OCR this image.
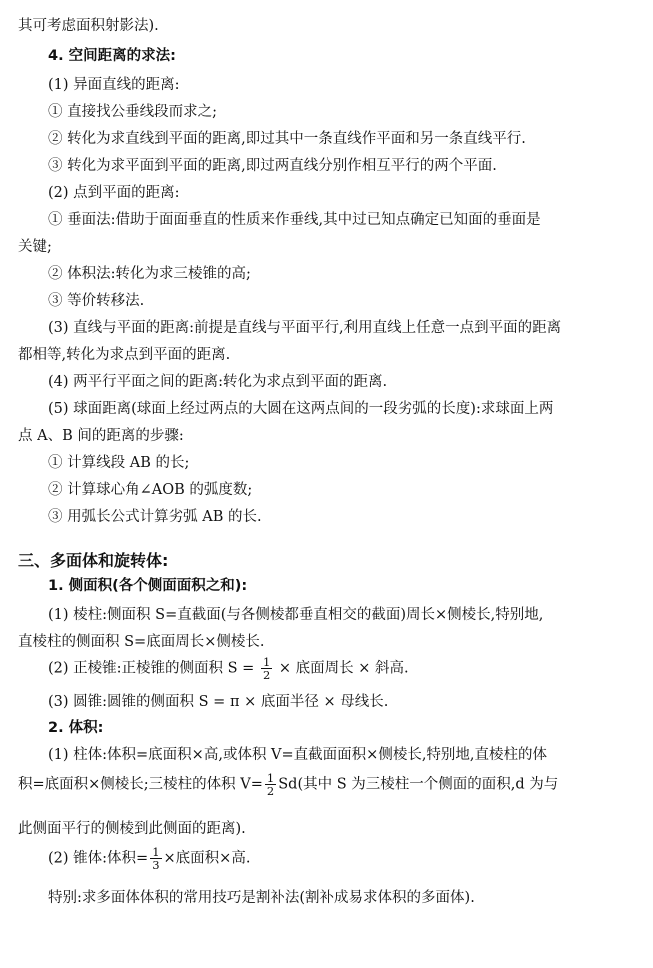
其可考虑面积射影法).
4. 空间距离的求法:
(1) 异面直线的距离:
① 直接找公垂线段而求之;
② 转化为求直线到平面的距离,即过其中一条直线作平面和另一条直线平行.
③ 转化为求平面到平面的距离,即过两直线分别作相互平行的两个平面.
(2) 点到平面的距离:
① 垂面法:借助于面面垂直的性质来作垂线,其中过已知点确定已知面的垂面是
关键;
② 体积法:转化为求三棱锥的高;
③ 等价转移法.
(3) 直线与平面的距离:前提是直线与平面平行,利用直线上任意一点到平面的距离
都相等,转化为求点到平面的距离.
(4) 两平行平面之间的距离:转化为求点到平面的距离.
(5) 球面距离(球面上经过两点的大圆在这两点间的一段劣弧的长度):求球面上两
点 A、B 间的距离的步骤:
① 计算线段 AB 的长;
② 计算球心角∠AOB 的弧度数;
③ 用弧长公式计算劣弧 AB 的长.
三、多面体和旋转体:
1. 侧面积(各个侧面面积之和):
(1) 棱柱:侧面积 S=直截面(与各侧棱都垂直相交的截面)周长×侧棱长,特别地,
直棱柱的侧面积 S=底面周长×侧棱长.
(2) 正棱锥:正棱锥的侧面积 $S = \frac{1}{2}$ × 底面周长 × 斜高.
(3) 圆锥:圆锥的侧面积 S = π × 底面半径 × 母线长.
2. 体积:
(1) 柱体:体积=底面积×高,或体积 V=直截面面积×侧棱长,特别地,直棱柱的体
积=底面积×侧棱长;三棱柱的体积 $V= \frac{1}{2} Sd$(其中 S 为三棱柱一个侧面的面积,d 为与
此侧面平行的侧棱到此侧面的距离).
(2) 锥体:体积= $\frac{1}{3}$ ×底面积×高.
特别:求多面体体积的常用技巧是割补法(割补成易求体积的多面体).
